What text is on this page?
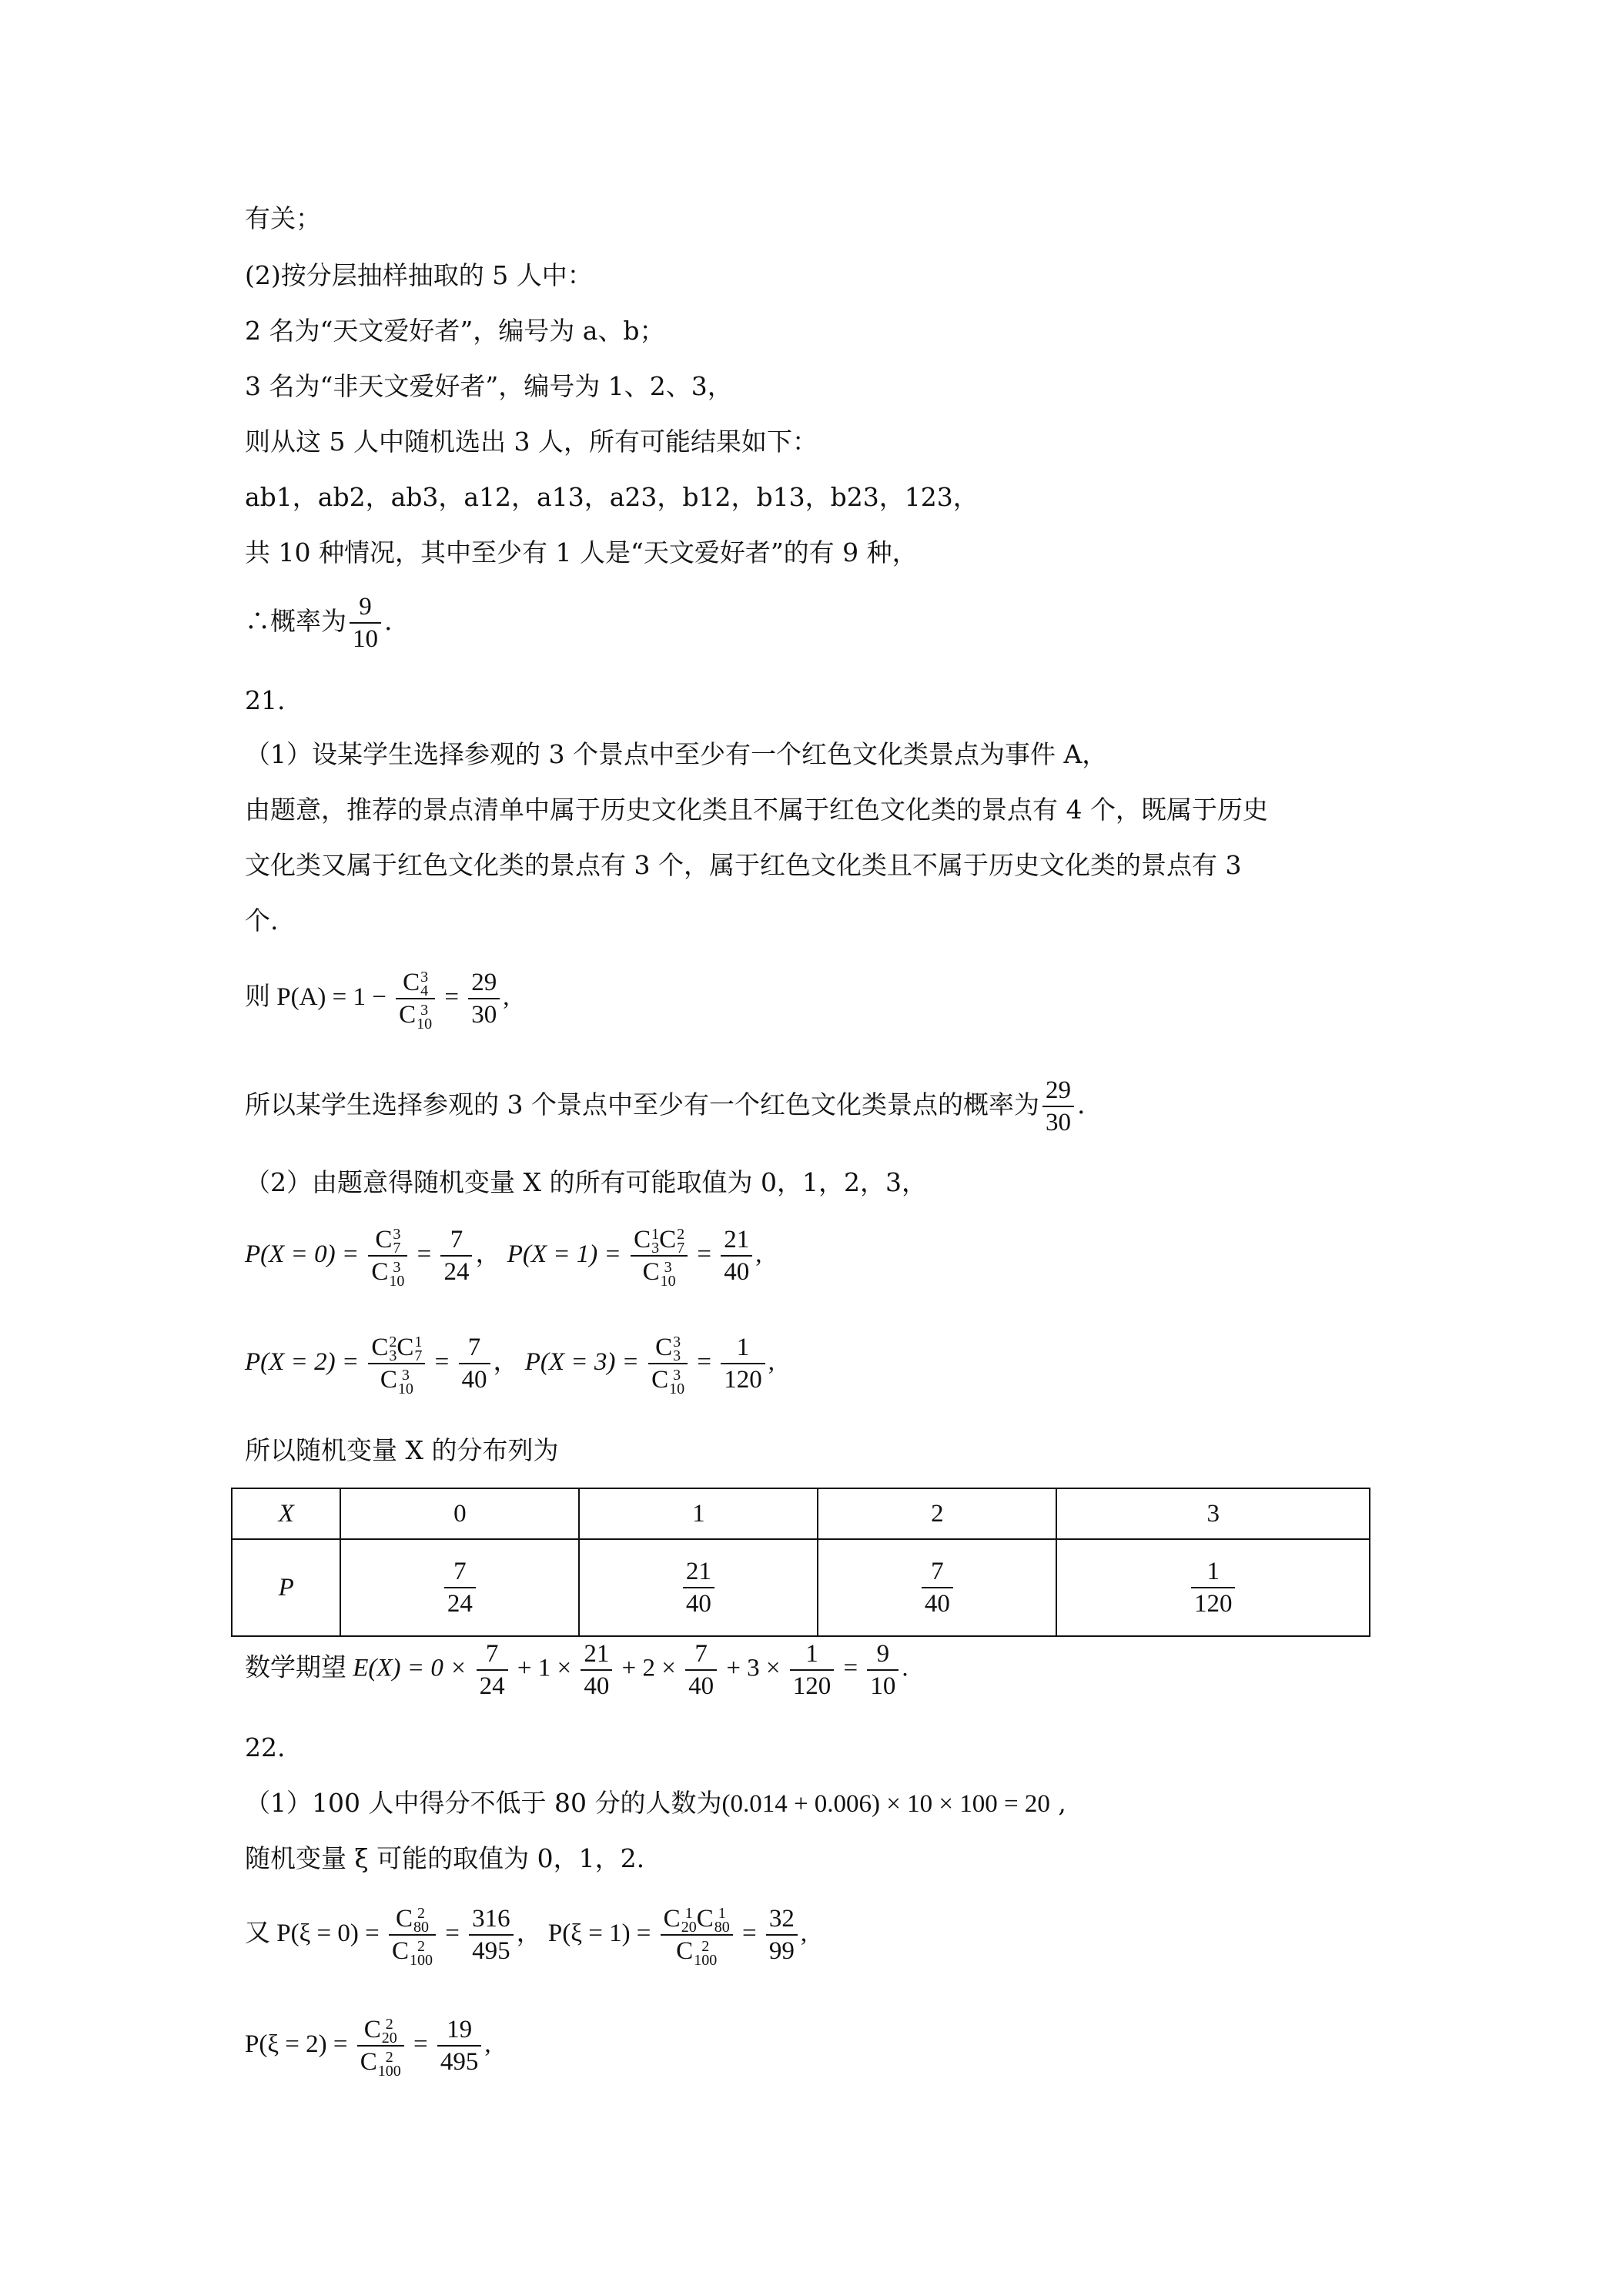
有关；
(2)按分层抽样抽取的 5 人中：
2 名为“天文爱好者”，编号为 a、b；
3 名为“非天文爱好者”，编号为 1、2、3，
则从这 5 人中随机选出 3 人，所有可能结果如下：
ab1，ab2，ab3，a12，a13，a23，b12，b13，b23，123，
共 10 种情况，其中至少有 1 人是“天文爱好者”的有 9 种，
∴概率为 $\frac{9}{10}$ .
21.
（1）设某学生选择参观的 3 个景点中至少有一个红色文化类景点为事件 A，
由题意，推荐的景点清单中属于历史文化类且不属于红色文化类的景点有 4 个，既属于历史
文化类又属于红色文化类的景点有 3 个，属于红色文化类且不属于历史文化类的景点有 3
个.
则 P(A) = 1 − C 3
4
C 3
$10 = \frac{29}{30}$ ,
所以某学生选择参观的 3 个景点中至少有一个红色文化类景点的概率为 $\frac{29}{30}$ .
（2）由题意得随机变量 X 的所有可能取值为 0，1，2，3，
P(X = 0) = C 3
7
C 3
$10 = \frac{7}{24}$ ， P(X = 1) = C 1
3 C 2
7
C 3
$10 = \frac{21}{40}$ ,
P(X = 2) = C 2
3 C 1
7
C 3
$10 = \frac{7}{40}$ ， P(X = 3) = C 3
3
C 3
$10 = \frac{1}{120}$ ,
所以随机变量 X 的分布列为
X	0	1	2	3
P	$\frac{7}{24}$	$\frac{21}{40}$	$\frac{7}{40}$	$\frac{1}{120}$
数学期望 $E(X) = 0 \times \frac{7}{24} + 1 \times \frac{21}{40} + 2 \times \frac{7}{40} + 3 \times \frac{1}{120} = \frac{9}{10}$ .
22.
（1）100 人中得分不低于 80 分的人数为(0.014 + 0.006) × 10 × 100 = 20 ,
随机变量 ξ 可能的取值为 0，1，2.
又 P(ξ = 0) = C 2
80
C 2
$100 = \frac{316}{495}$ ， P(ξ = 1) = C 1
20 C 1
80
C 2
$100 = \frac{32}{99}$ ,
P(ξ = 2) = C 2
20
C 2
$100 = \frac{19}{495}$ ,
